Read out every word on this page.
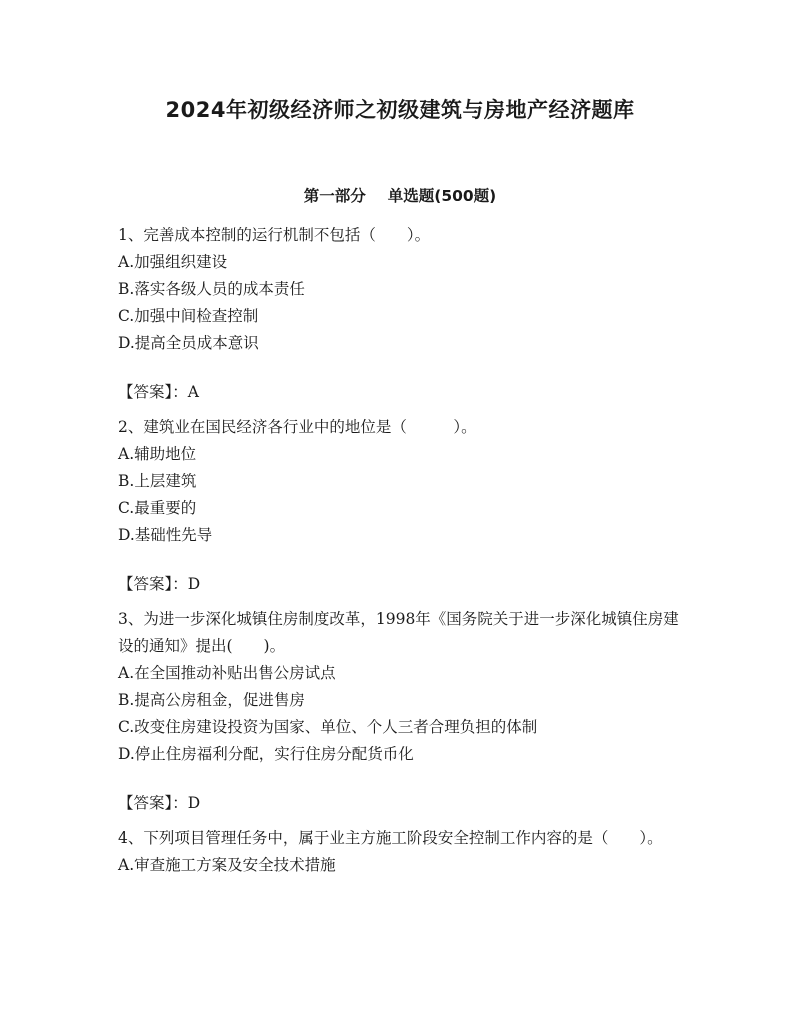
2024年初级经济师之初级建筑与房地产经济题库
第一部分 单选题(500题)
1、完善成本控制的运行机制不包括（　　）。
A.加强组织建设
B.落实各级人员的成本责任
C.加强中间检查控制
D.提高全员成本意识
【答案】：A
2、建筑业在国民经济各行业中的地位是（　　　）。
A.辅助地位
B.上层建筑
C.最重要的
D.基础性先导
【答案】：D
3、为进一步深化城镇住房制度改革，1998年《国务院关于进一步深化城镇住房建设的通知》提出(　　)。
A.在全国推动补贴出售公房试点
B.提高公房租金，促进售房
C.改变住房建设投资为国家、单位、个人三者合理负担的体制
D.停止住房福利分配，实行住房分配货币化
【答案】：D
4、下列项目管理任务中，属于业主方施工阶段安全控制工作内容的是（　　）。
A.审查施工方案及安全技术措施
